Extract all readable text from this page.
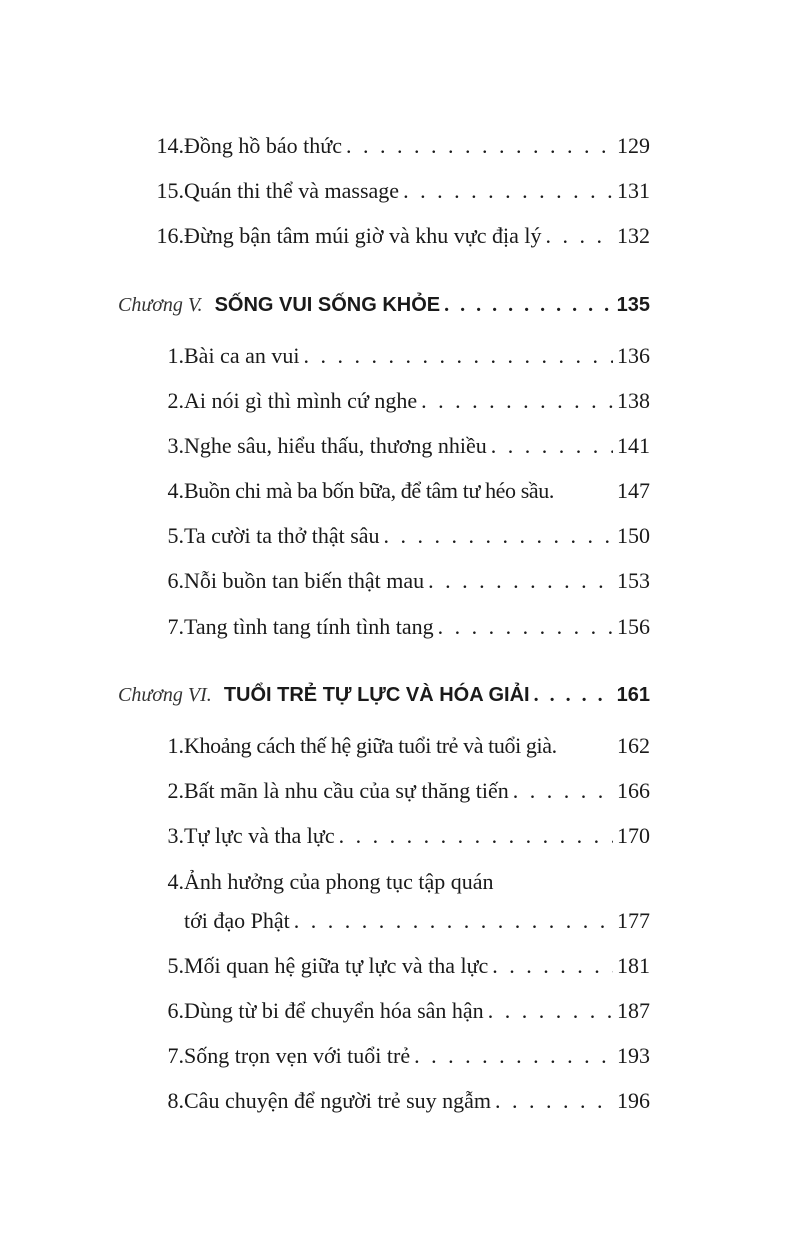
14. Đồng hồ báo thức . . .	129
15. Quán thi thể và massage . . .	131
16. Đừng bận tâm múi giờ và khu vực địa lý . . .	132
Chương V. SỐNG VUI SỐNG KHỎE . . .	135
1. Bài ca an vui . . .	136
2. Ai nói gì thì mình cứ nghe . . .	138
3. Nghe sâu, hiểu thấu, thương nhiều . . .	141
4. Buồn chi mà ba bốn bữa, để tâm tư héo sầu.	147
5. Ta cười ta thở thật sâu . . .	150
6. Nỗi buồn tan biến thật mau . . .	153
7. Tang tình tang tính tình tang . . .	156
Chương VI. TUỔI TRẺ TỰ LỰC VÀ HÓA GIẢI . . .	161
1. Khoảng cách thế hệ giữa tuổi trẻ và tuổi già.	162
2. Bất mãn là nhu cầu của sự thăng tiến . . .	166
3. Tự lực và tha lực . . .	170
4. Ảnh hưởng của phong tục tập quán
tới đạo Phật . . .	177
5. Mối quan hệ giữa tự lực và tha lực . . .	181
6. Dùng từ bi để chuyển hóa sân hận . . .	187
7. Sống trọn vẹn với tuổi trẻ . . .	193
8. Câu chuyện để người trẻ suy ngẫm . . .	196
